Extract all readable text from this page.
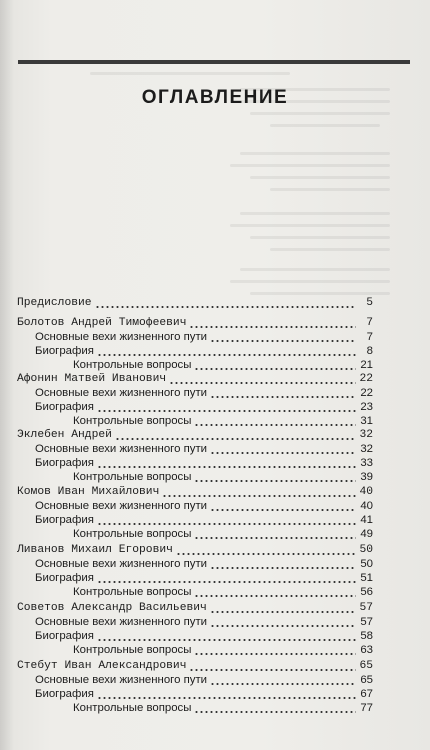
ОГЛАВЛЕНИЕ
Предисловие	5
Болотов Андрей Тимофеевич	7
Основные вехи жизненного пути	7
Биография	8
Контрольные вопросы	21
Афонин Матвей Иванович	22
Основные вехи жизненного пути	22
Биография	23
Контрольные вопросы	31
Эклебен Андрей	32
Основные вехи жизненного пути	32
Биография	33
Контрольные вопросы	39
Комов Иван Михайлович	40
Основные вехи жизненного пути	40
Биография	41
Контрольные вопросы	49
Ливанов Михаил Егорович	50
Основные вехи жизненного пути	50
Биография	51
Контрольные вопросы	56
Советов Александр Васильевич	57
Основные вехи жизненного пути	57
Биография	58
Контрольные вопросы	63
Стебут Иван Александрович	65
Основные вехи жизненного пути	65
Биография	67
Контрольные вопросы	77
